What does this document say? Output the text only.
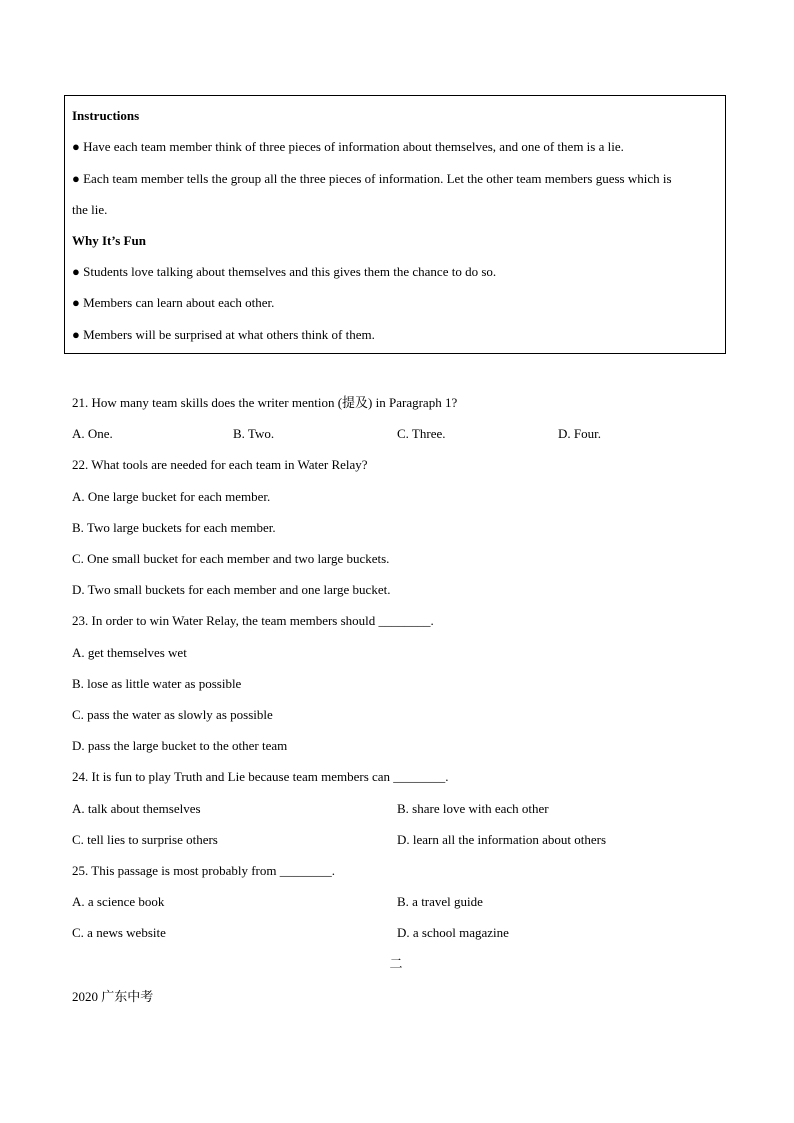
Instructions
● Have each team member think of three pieces of information about themselves, and one of them is a lie.
● Each team member tells the group all the three pieces of information. Let the other team members guess which is
the lie.
Why It’s Fun
● Students love talking about themselves and this gives them the chance to do so.
● Members can learn about each other.
● Members will be surprised at what others think of them.
21. How many team skills does the writer mention (提及) in Paragraph 1?
A. One.	B. Two.	C. Three.	D. Four.
22. What tools are needed for each team in Water Relay?
A. One large bucket for each member.
B. Two large buckets for each member.
C. One small bucket for each member and two large buckets.
D. Two small buckets for each member and one large bucket.
23. In order to win Water Relay, the team members should ________.
A. get themselves wet
B. lose as little water as possible
C. pass the water as slowly as possible
D. pass the large bucket to the other team
24. It is fun to play Truth and Lie because team members can ________.
A. talk about themselves	B. share love with each other
C. tell lies to surprise others	D. learn all the information about others
25. This passage is most probably from ________.
A. a science book	B. a travel guide
C. a news website	D. a school magazine
二
2020 广东中考
